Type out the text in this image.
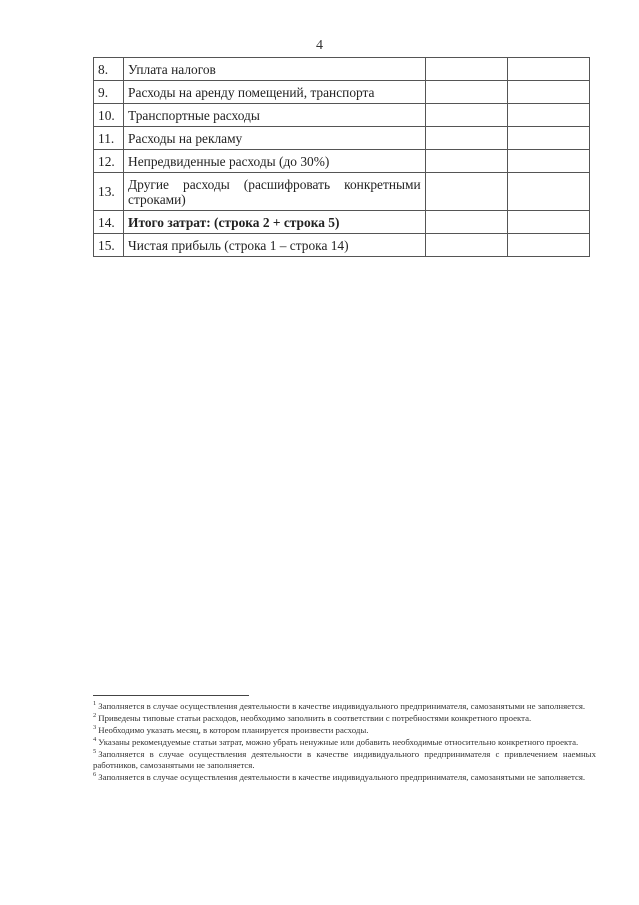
4
8.	Уплата налогов		
9.	Расходы на аренду помещений, транспорта		
10.	Транспортные расходы		
11.	Расходы на рекламу		
12.	Непредвиденные расходы (до 30%)		
13.	Другие расходы (расшифровать конкретными строками)		
14.	Итого затрат: (строка 2 + строка 5)		
15.	Чистая прибыль (строка 1 – строка 14)		

$^1$ Заполняется в случае осуществления деятельности в качестве индивидуального предпринимателя, самозанятыми не заполняется.

$^2$ Приведены типовые статьи расходов, необходимо заполнить в соответствии с потребностями конкретного проекта.

$^3$ Необходимо указать месяц, в котором планируется произвести расходы.

$^4$ Указаны рекомендуемые статьи затрат, можно убрать ненужные или добавить необходимые относительно конкретного проекта.

$^5$ Заполняется в случае осуществления деятельности в качестве индивидуального предпринимателя с привлечением наемных работников, самозанятыми не заполняется.

$^6$ Заполняется в случае осуществления деятельности в качестве индивидуального предпринимателя, самозанятыми не заполняется.
